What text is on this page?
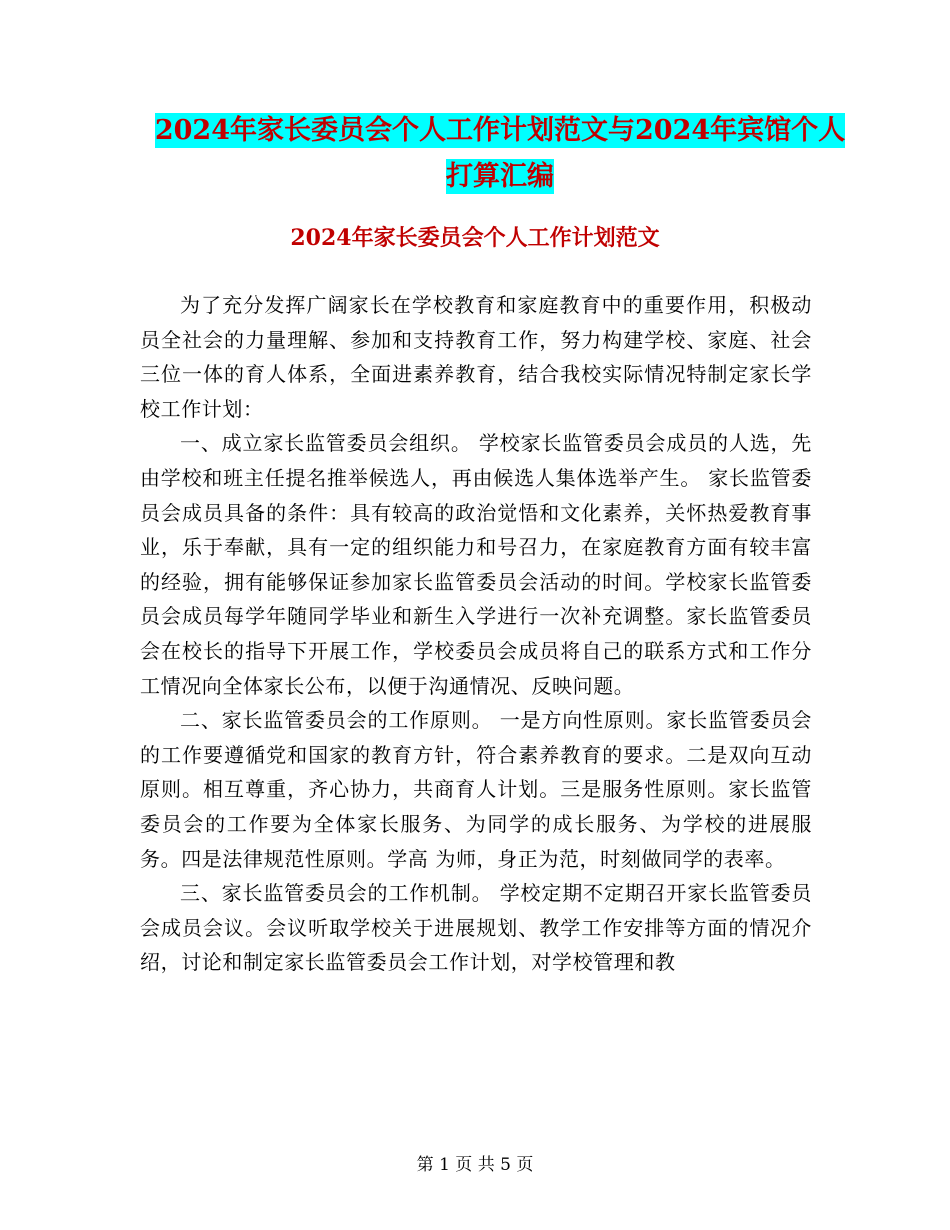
2024年家长委员会个人工作计划范文与2024年宾馆个人打算汇编
2024年家长委员会个人工作计划范文

为了充分发挥广阔家长在学校教育和家庭教育中的重要作用，积极动员全社会的力量理解、参加和支持教育工作，努力构建学校、家庭、社会三位一体的育人体系，全面进素养教育，结合我校实际情况特制定家长学校工作计划：

一、成立家长监管委员会组织。 学校家长监管委员会成员的人选，先由学校和班主任提名推举候选人，再由候选人集体选举产生。 家长监管委员会成员具备的条件：具有较高的政治觉悟和文化素养，关怀热爱教育事业，乐于奉献，具有一定的组织能力和号召力，在家庭教育方面有较丰富的经验，拥有能够保证参加家长监管委员会活动的时间。学校家长监管委员会成员每学年随同学毕业和新生入学进行一次补充调整。家长监管委员会在校长的指导下开展工作，学校委员会成员将自己的联系方式和工作分工情况向全体家长公布，以便于沟通情况、反映问题。

二、家长监管委员会的工作原则。 一是方向性原则。家长监管委员会的工作要遵循党和国家的教育方针，符合素养教育的要求。二是双向互动原则。相互尊重，齐心协力，共商育人计划。三是服务性原则。家长监管委员会的工作要为全体家长服务、为同学的成长服务、为学校的进展服务。四是法律规范性原则。学高 为师，身正为范，时刻做同学的表率。

三、家长监管委员会的工作机制。 学校定期不定期召开家长监管委员会成员会议。会议听取学校关于进展规划、教学工作安排等方面的情况介绍，讨论和制定家长监管委员会工作计划，对学校管理和教

第 1 页 共 5 页
